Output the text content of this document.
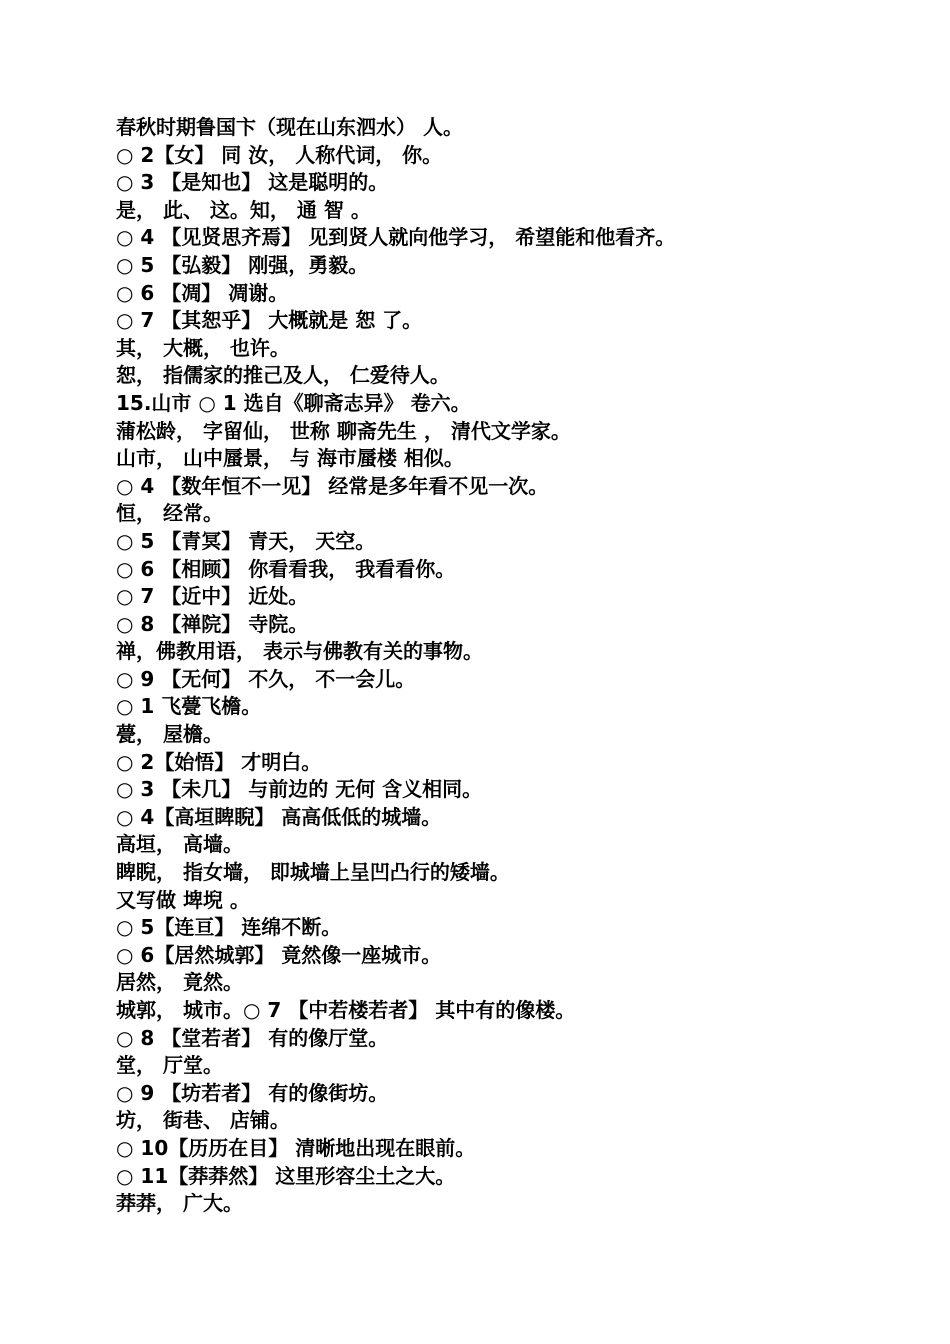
春秋时期鲁国卞（现在山东泗水） 人。
○ 2【女】 同 汝， 人称代词， 你。
○ 3 【是知也】 这是聪明的。
是， 此、 这。知， 通 智 。
○ 4 【见贤思齐焉】 见到贤人就向他学习， 希望能和他看齐。
○ 5 【弘毅】 刚强，勇毅。
○ 6 【凋】 凋谢。
○ 7 【其恕乎】 大概就是 恕 了。
其， 大概， 也许。
恕， 指儒家的推己及人， 仁爱待人。
15.山市 ○ 1 选自《聊斋志异》 卷六。
蒲松龄， 字留仙， 世称 聊斋先生 ， 清代文学家。
山市， 山中蜃景， 与 海市蜃楼 相似。
○ 4 【数年恒不一见】 经常是多年看不见一次。
恒， 经常。
○ 5 【青冥】 青天， 天空。
○ 6 【相顾】 你看看我， 我看看你。
○ 7 【近中】 近处。
○ 8 【禅院】 寺院。
禅，佛教用语， 表示与佛教有关的事物。
○ 9 【无何】 不久， 不一会儿。
○ 1 飞甍飞檐。
甍， 屋檐。
○ 2【始悟】 才明白。
○ 3 【未几】 与前边的 无何 含义相同。
○ 4【高垣睥睨】 高高低低的城墙。
高垣， 高墙。
睥睨， 指女墙， 即城墙上呈凹凸行的矮墙。
又写做 埤堄 。
○ 5【连亘】 连绵不断。
○ 6【居然城郭】 竟然像一座城市。
居然， 竟然。
城郭， 城市。○ 7 【中若楼若者】 其中有的像楼。
○ 8 【堂若者】 有的像厅堂。
堂， 厅堂。
○ 9 【坊若者】 有的像街坊。
坊， 街巷、 店铺。
○ 10【历历在目】 清晰地出现在眼前。
○ 11【莽莽然】 这里形容尘土之大。
莽莽， 广大。
